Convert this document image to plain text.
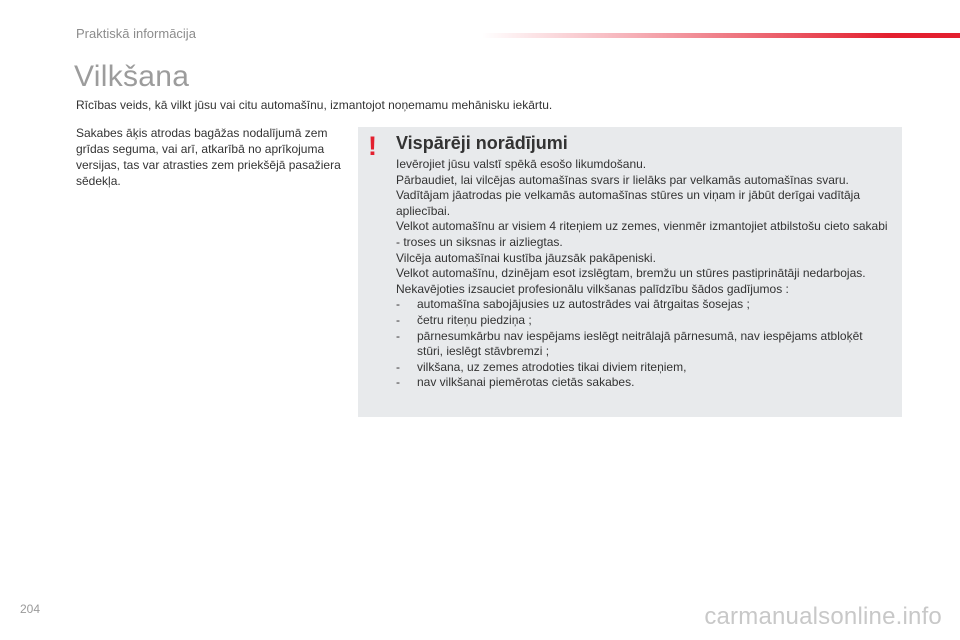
Praktiskā informācija
Vilkšana
Rīcības veids, kā vilkt jūsu vai citu automašīnu, izmantojot noņemamu mehānisku iekārtu.
Sakabes āķis atrodas bagāžas nodalījumā zem grīdas seguma, vai arī, atkarībā no aprīkojuma versijas, tas var atrasties zem priekšējā pasažiera sēdekļa.
! Vispārēji norādījumi

Ievērojiet jūsu valstī spēkā esošo likumdošanu.

Pārbaudiet, lai vilcējas automašīnas svars ir lielāks par velkamās automašīnas svaru.

Vadītājam jāatrodas pie velkamās automašīnas stūres un viņam ir jābūt derīgai vadītāja apliecībai.

Velkot automašīnu ar visiem 4 riteņiem uz zemes, vienmēr izmantojiet atbilstošu cieto sakabi - troses un siksnas ir aizliegtas.

Vilcēja automašīnai kustība jāuzsāk pakāpeniski.

Velkot automašīnu, dzinējam esot izslēgtam, bremžu un stūres pastiprinātāji nedarbojas.

Nekavējoties izsauciet profesionālu vilkšanas palīdzību šādos gadījumos :

- automašīna sabojājusies uz autostrādes vai ātrgaitas šosejas ;
- četru riteņu piedziņa ;
- pārnesumkārbu nav iespējams ieslēgt neitrālajā pārnesumā, nav iespējams atbloķēt stūri, ieslēgt stāvbremzi ;
- vilkšana, uz zemes atrodoties tikai diviem riteņiem,
- nav vilkšanai piemērotas cietās sakabes.
204	carmanualsonline.info
